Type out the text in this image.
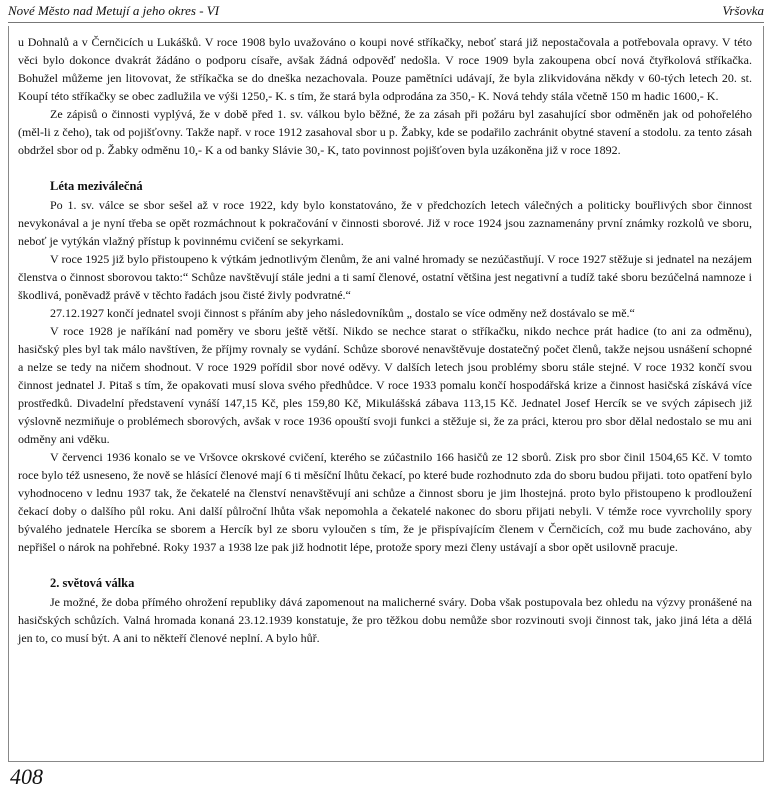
Nové Město nad Metují a jeho okres - VI	Vršovka

u Dohnalů a v Černčicích u Lukášků. V roce 1908 bylo uvažováno o koupi nové stříkačky, neboť stará již nepostačovala a potřebovala opravy. V této věci bylo dokonce dvakrát žádáno o podporu císaře, avšak žádná odpověď nedošla. V roce 1909 byla zakoupena obcí nová čtyřkolová stříkačka. Bohužel můžeme jen litovovat, že stříkačka se do dneška nezachovala. Pouze pamětníci udávají, že byla zlikvidována někdy v 60-tých letech 20. st. Koupí této stříkačky se obec zadlužila ve výši 1250,- K. s tím, že stará byla odprodána za 350,- K. Nová tehdy stála včetně 150 m hadic 1600,- K.

Ze zápisů o činnosti vyplývá, že v době před 1. sv. válkou bylo běžné, že za zásah při požáru byl zasahující sbor odměněn jak od pohořelého (měl-li z čeho), tak od pojišťovny. Takže např. v roce 1912 zasahoval sbor u p. Žabky, kde se podařilo zachránit obytné stavení a stodolu. za tento zásah obdržel sbor od p. Žabky odměnu 10,- K a od banky Slávie 30,- K, tato povinnost pojišťoven byla uzákoněna již v roce 1892.

Léta meziválečná

Po 1. sv. válce se sbor sešel až v roce 1922, kdy bylo konstatováno, že v předchozích letech válečných a politicky bouřlivých sbor činnost nevykonával a je nyní třeba se opět rozmáchnout k pokračování v činnosti sborové. Již v roce 1924 jsou zaznamenány první známky rozkolů ve sboru, neboť je vytýkán vlažný přístup k povinnému cvičení se sekyrkami.

V roce 1925 již bylo přistoupeno k výtkám jednotlivým členům, že ani valné hromady se nezúčastňují. V roce 1927 stěžuje si jednatel na nezájem členstva o činnost sborovou takto:“ Schůze navštěvují stále jedni a ti samí členové, ostatní většina jest negativní a tudíž také sboru bezúčelná namnoze i škodlivá, poněvadž právě v těchto řadách jsou čisté živly podvratné.“

27.12.1927 končí jednatel svoji činnost s přáním aby jeho následovníkům „ dostalo se více odměny než dostávalo se mě.“

V roce 1928 je naříkání nad poměry ve sboru ještě větší. Nikdo se nechce starat o stříkačku, nikdo nechce prát hadice (to ani za odměnu), hasičský ples byl tak málo navštíven, že příjmy rovnaly se vydání. Schůze sborové nenavštěvuje dostatečný počet členů, takže nejsou usnášení schopné a nelze se tedy na ničem shodnout. V roce 1929 pořídil sbor nové oděvy. V dalších letech jsou problémy sboru stále stejné. V roce 1932 končí svou činnost jednatel J. Pitaš s tím, že opakovati musí slova svého předhůdce. V roce 1933 pomalu končí hospodářská krize a činnost hasičská získává více prostředků. Divadelní představení vynáší 147,15 Kč, ples 159,80 Kč, Mikulášská zábava 113,15 Kč. Jednatel Josef Hercík se ve svých zápisech již výslovně nezmiňuje o problémech sborových, avšak v roce 1936 opouští svoji funkci a stěžuje si, že za práci, kterou pro sbor dělal nedostalo se mu ani odměny ani vděku.

V červenci 1936 konalo se ve Vršovce okrskové cvičení, kterého se zúčastnilo 166 hasičů ze 12 sborů. Zisk pro sbor činil 1504,65 Kč. V tomto roce bylo též usneseno, že nově se hlásící členové mají 6 ti měsíční lhůtu čekací, po které bude rozhodnuto zda do sboru budou přijati. toto opatření bylo vyhodnoceno v lednu 1937 tak, že čekatelé na členství nenavštěvují ani schůze a činnost sboru je jim lhostejná. proto bylo přistoupeno k prodloužení čekací doby o dalšího půl roku. Ani další půlroční lhůta však nepomohla a čekatelé nakonec do sboru přijati nebyli. V témže roce vyvrcholily spory bývalého jednatele Hercíka se sborem a Hercík byl ze sboru vyloučen s tím, že je přispívajícím členem v Černčicích, což mu bude zachováno, aby nepřišel o nárok na pohřebné. Roky 1937 a 1938 lze pak již hodnotit lépe, protože spory mezi členy ustávají a sbor opět usilovně pracuje.

2. světová válka

Je možné, že doba přímého ohrožení republiky dává zapomenout na malicherné sváry. Doba však postupovala bez ohledu na výzvy pronášené na hasičských schůzích. Valná hromada konaná 23.12.1939 konstatuje, že pro těžkou dobu nemůže sbor rozvinouti svoji činnost tak, jako jiná léta a dělá jen to, co musí být. A ani to někteří členové neplní. A bylo hůř.

408
